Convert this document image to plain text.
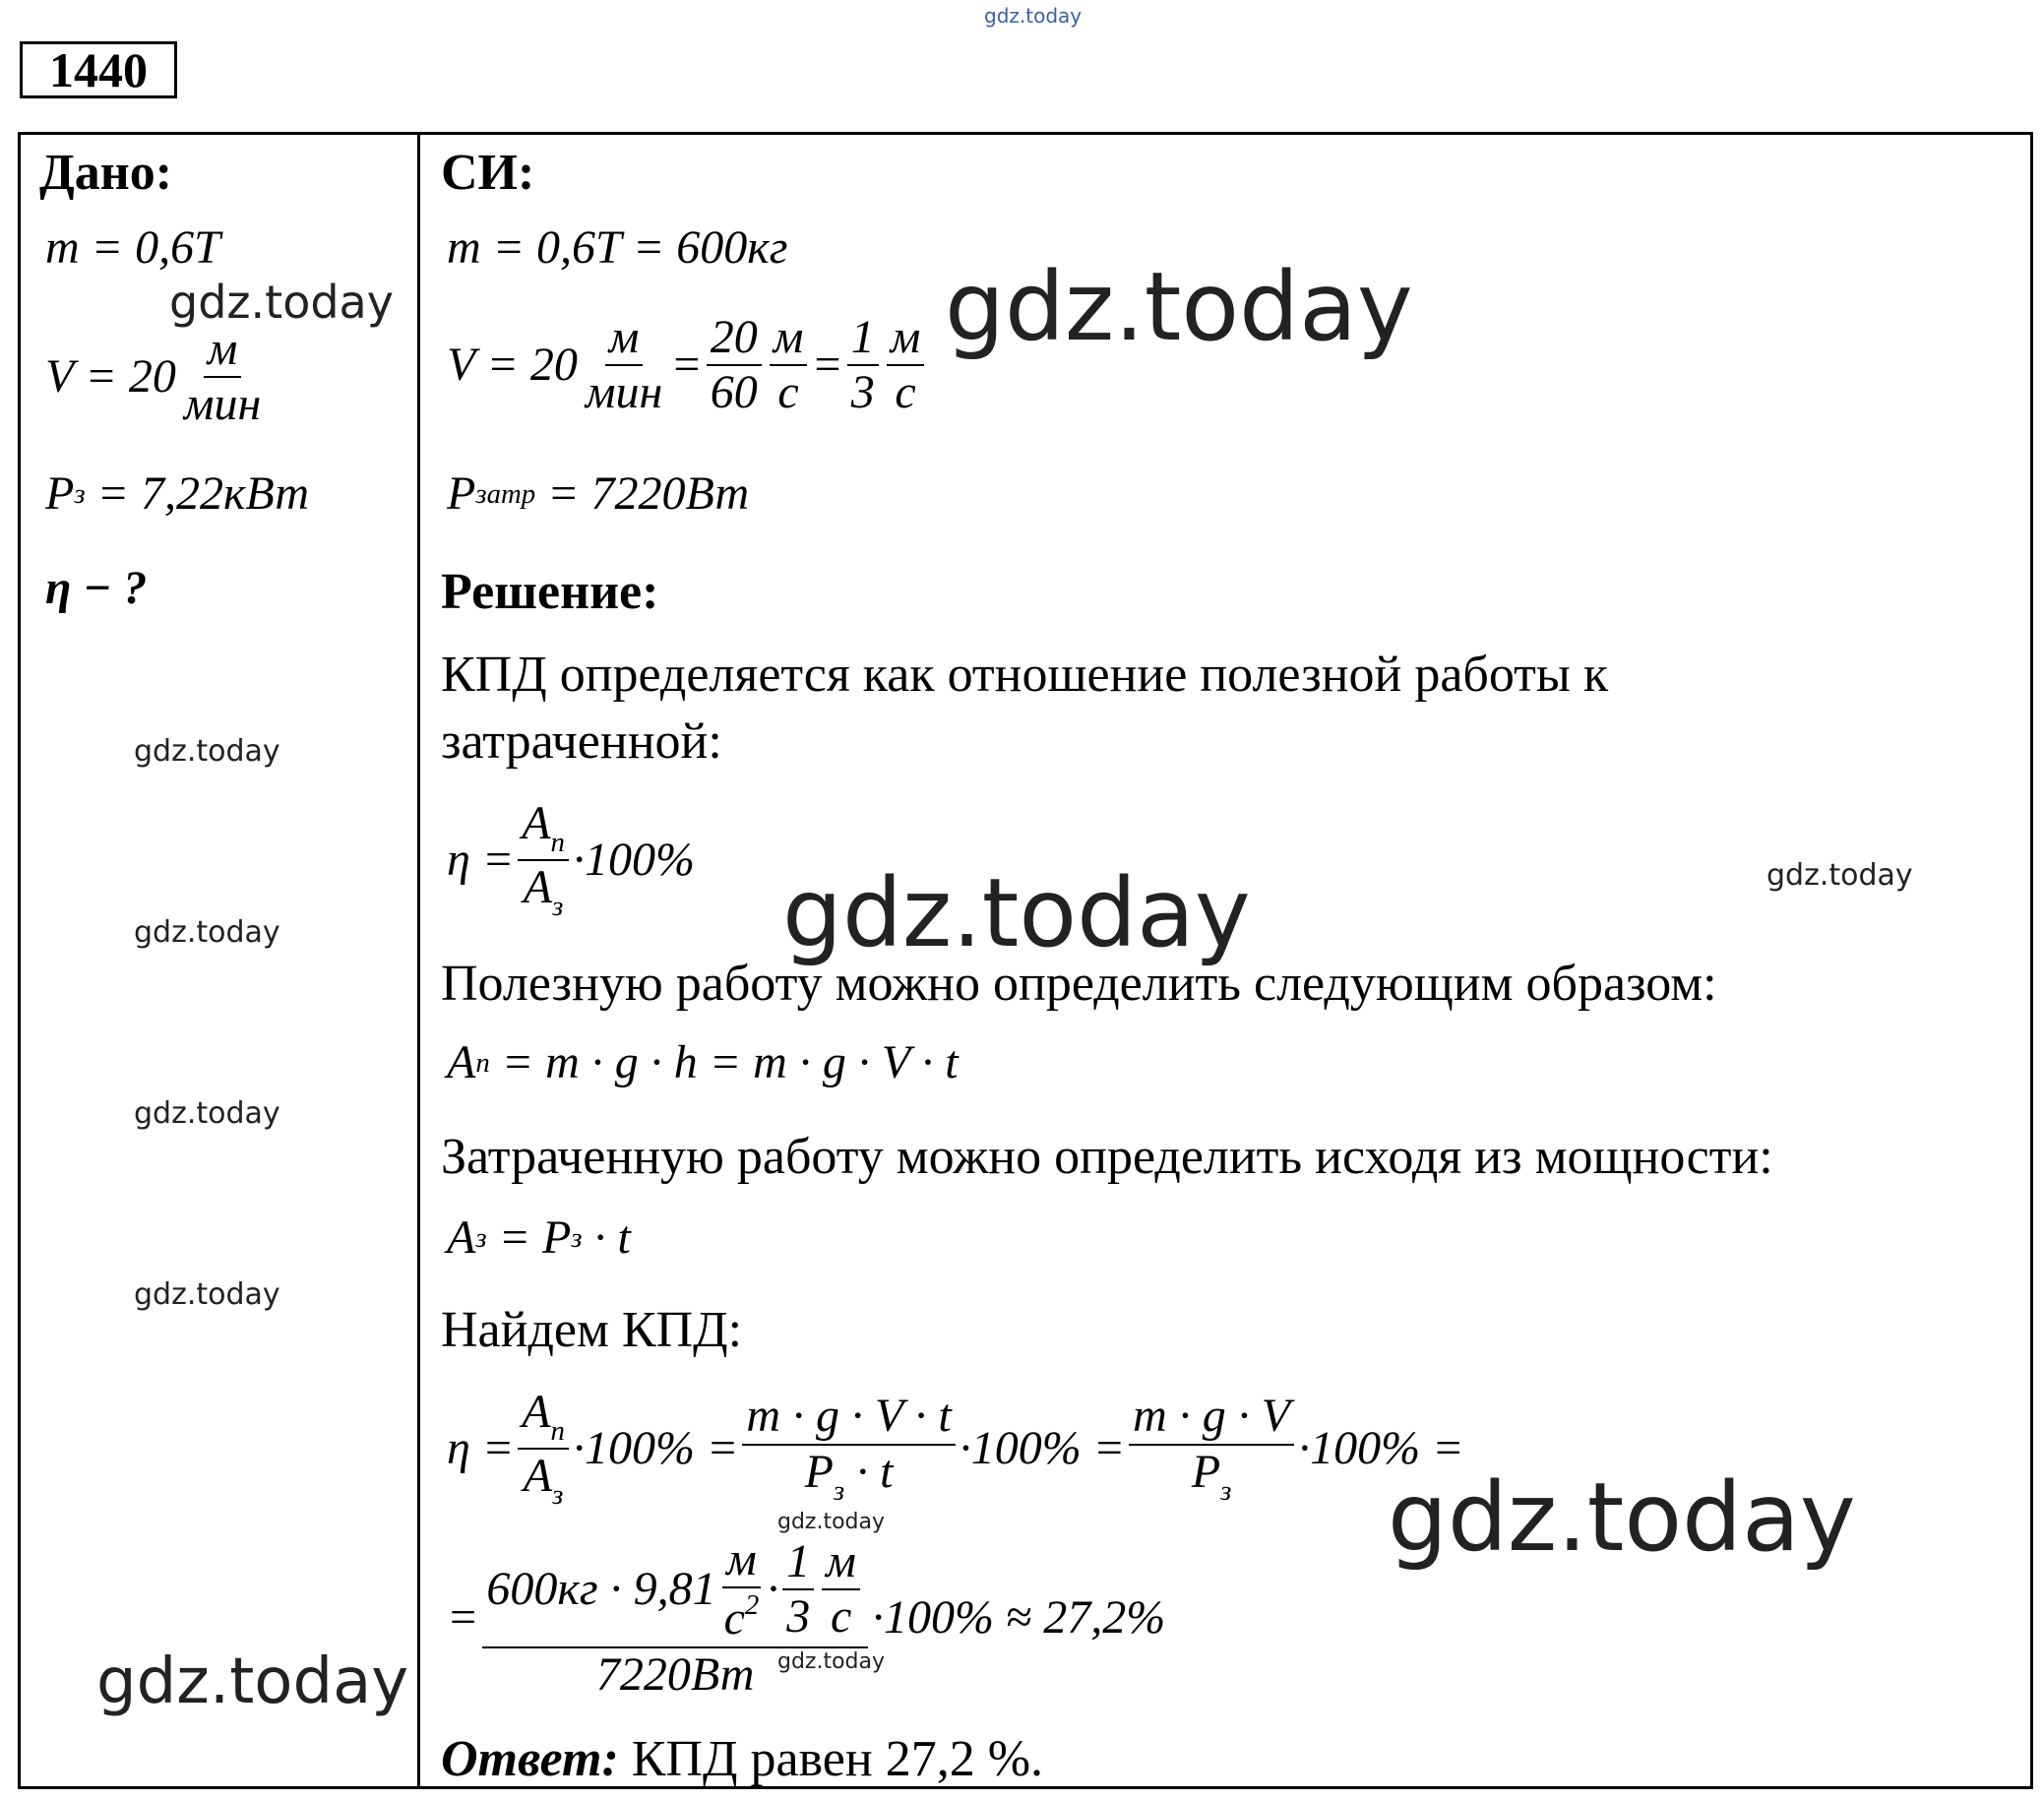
gdz.today
1440
Дано:
m
= 0,6T
$V = 20 \frac{м}{\text{мин}}$
P з
= 7,22кВт
η − ?
СИ:
m = 0,6T = 600кг
$V = 20 \frac{м}{\text{мин}} = \frac{20}{60} \frac{м}{с} = \frac{1}{3} \frac{м}{с}$
P затр
= 7220Вт
Решение:
КПД определяется как отношение полезной работы к
затраченной:
$\eta = \frac{A_п}{A_з} \cdot 100\%$
Полезную работу можно определить следующим образом:
A п
= m · g · h = m · g · V · t
Затраченную работу можно определить исходя из мощности:
A з
= P з
· t
Найдем КПД:
$\eta = \frac{A_п}{A_з} \cdot 100\% = \frac{m \cdot g \cdot V \cdot t}{P_з \cdot t} \cdot 100\% = \frac{m \cdot g \cdot V}{P_з} \cdot 100\%$ =
= $\frac{600кг \cdot 9,81 \frac{м}{с^2} \cdot \frac{1}{3} \frac{м}{с}}{7220Вт} \cdot 100\% \approx 27,2\%$
Ответ: КПД равен 27,2 %.
gdz.today	gdz.today
gdz.today
gdz.today
gdz.today
gdz.today
gdz.today
gdz.today
gdz.today
gdz.today
gdz.today
gdz.today
